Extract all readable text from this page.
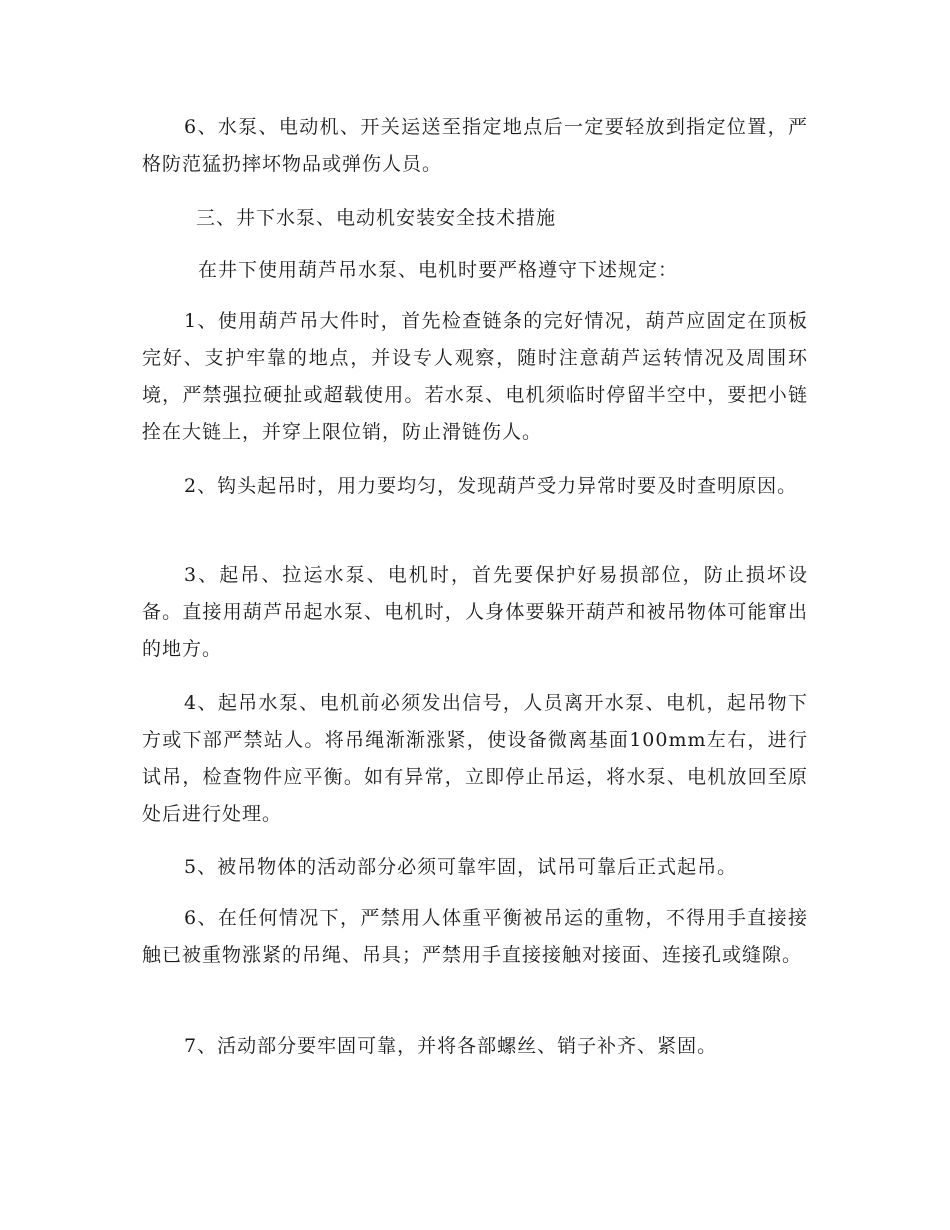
6、水泵、电动机、开关运送至指定地点后一定要轻放到指定位置，严格防范猛扔摔坏物品或弹伤人员。

三、井下水泵、电动机安装安全技术措施

在井下使用葫芦吊水泵、电机时要严格遵守下述规定：

1、使用葫芦吊大件时，首先检查链条的完好情况，葫芦应固定在顶板完好、支护牢靠的地点，并设专人观察，随时注意葫芦运转情况及周围环境，严禁强拉硬扯或超载使用。若水泵、电机须临时停留半空中，要把小链拴在大链上，并穿上限位销，防止滑链伤人。

2、钩头起吊时，用力要均匀，发现葫芦受力异常时要及时查明原因。

3、起吊、拉运水泵、电机时，首先要保护好易损部位，防止损坏设备。直接用葫芦吊起水泵、电机时，人身体要躲开葫芦和被吊物体可能窜出的地方。

4、起吊水泵、电机前必须发出信号，人员离开水泵、电机，起吊物下方或下部严禁站人。将吊绳渐渐涨紧，使设备微离基面100mm左右，进行试吊，检查物件应平衡。如有异常，立即停止吊运，将水泵、电机放回至原处后进行处理。

5、被吊物体的活动部分必须可靠牢固，试吊可靠后正式起吊。

6、在任何情况下，严禁用人体重平衡被吊运的重物，不得用手直接接触已被重物涨紧的吊绳、吊具；严禁用手直接接触对接面、连接孔或缝隙。

7、活动部分要牢固可靠，并将各部螺丝、销子补齐、紧固。
